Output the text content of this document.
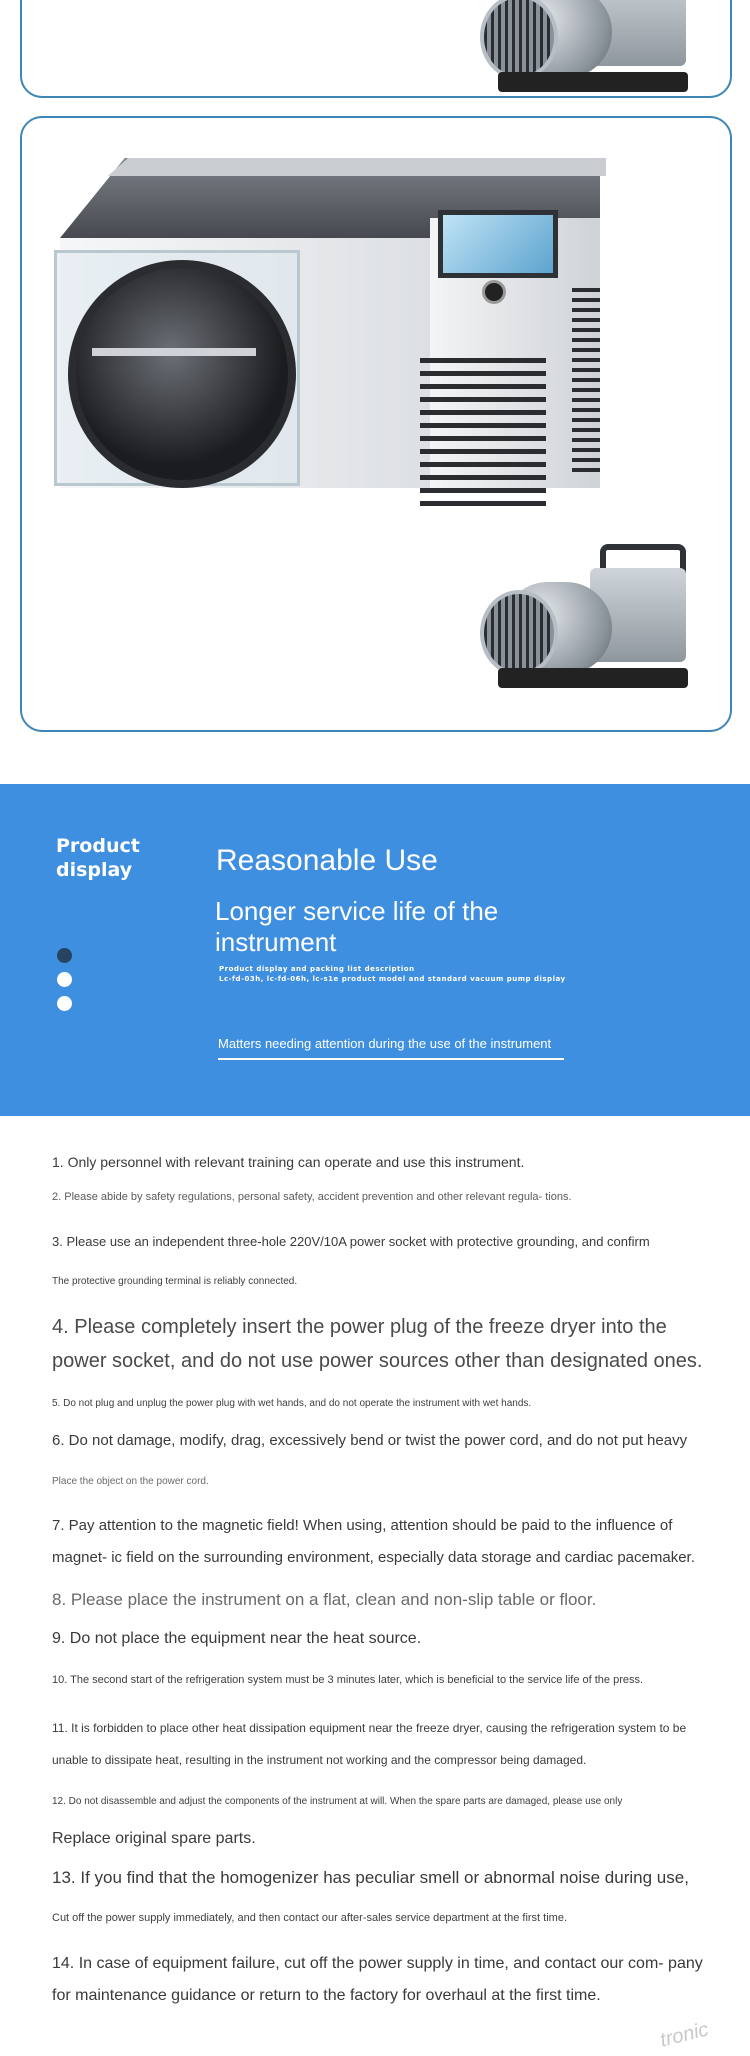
Product display	Reasonable Use
Longer service life of the instrument
Product display and packing list description
Lc-fd-03h, lc-fd-06h, lc-s1e product model and standard vacuum pump display
Matters needing attention during the use of the instrument
1. Only personnel with relevant training can operate and use this instrument.
2. Please abide by safety regulations, personal safety, accident prevention and other relevant regula- tions.
3. Please use an independent three-hole 220V/10A power socket with protective grounding, and confirm
The protective grounding terminal is reliably connected.
4. Please completely insert the power plug of the freeze dryer into the power socket, and do not use power sources other than designated ones.
5. Do not plug and unplug the power plug with wet hands, and do not operate the instrument with wet hands.
6. Do not damage, modify, drag, excessively bend or twist the power cord, and do not put heavy
Place the object on the power cord.
7. Pay attention to the magnetic field! When using, attention should be paid to the influence of magnet- ic field on the surrounding environment, especially data storage and cardiac pacemaker.
8. Please place the instrument on a flat, clean and non-slip table or floor.
9. Do not place the equipment near the heat source.
10. The second start of the refrigeration system must be 3 minutes later, which is beneficial to the service life of the press.
11. It is forbidden to place other heat dissipation equipment near the freeze dryer, causing the refrigeration system to be unable to dissipate heat, resulting in the instrument not working and the compressor being damaged.
12. Do not disassemble and adjust the components of the instrument at will. When the spare parts are damaged, please use only
Replace original spare parts.
13. If you find that the homogenizer has peculiar smell or abnormal noise during use,
Cut off the power supply immediately, and then contact our after-sales service department at the first time.
14. In case of equipment failure, cut off the power supply in time, and contact our com- pany for maintenance guidance or return to the factory for overhaul at the first time.
tronic
